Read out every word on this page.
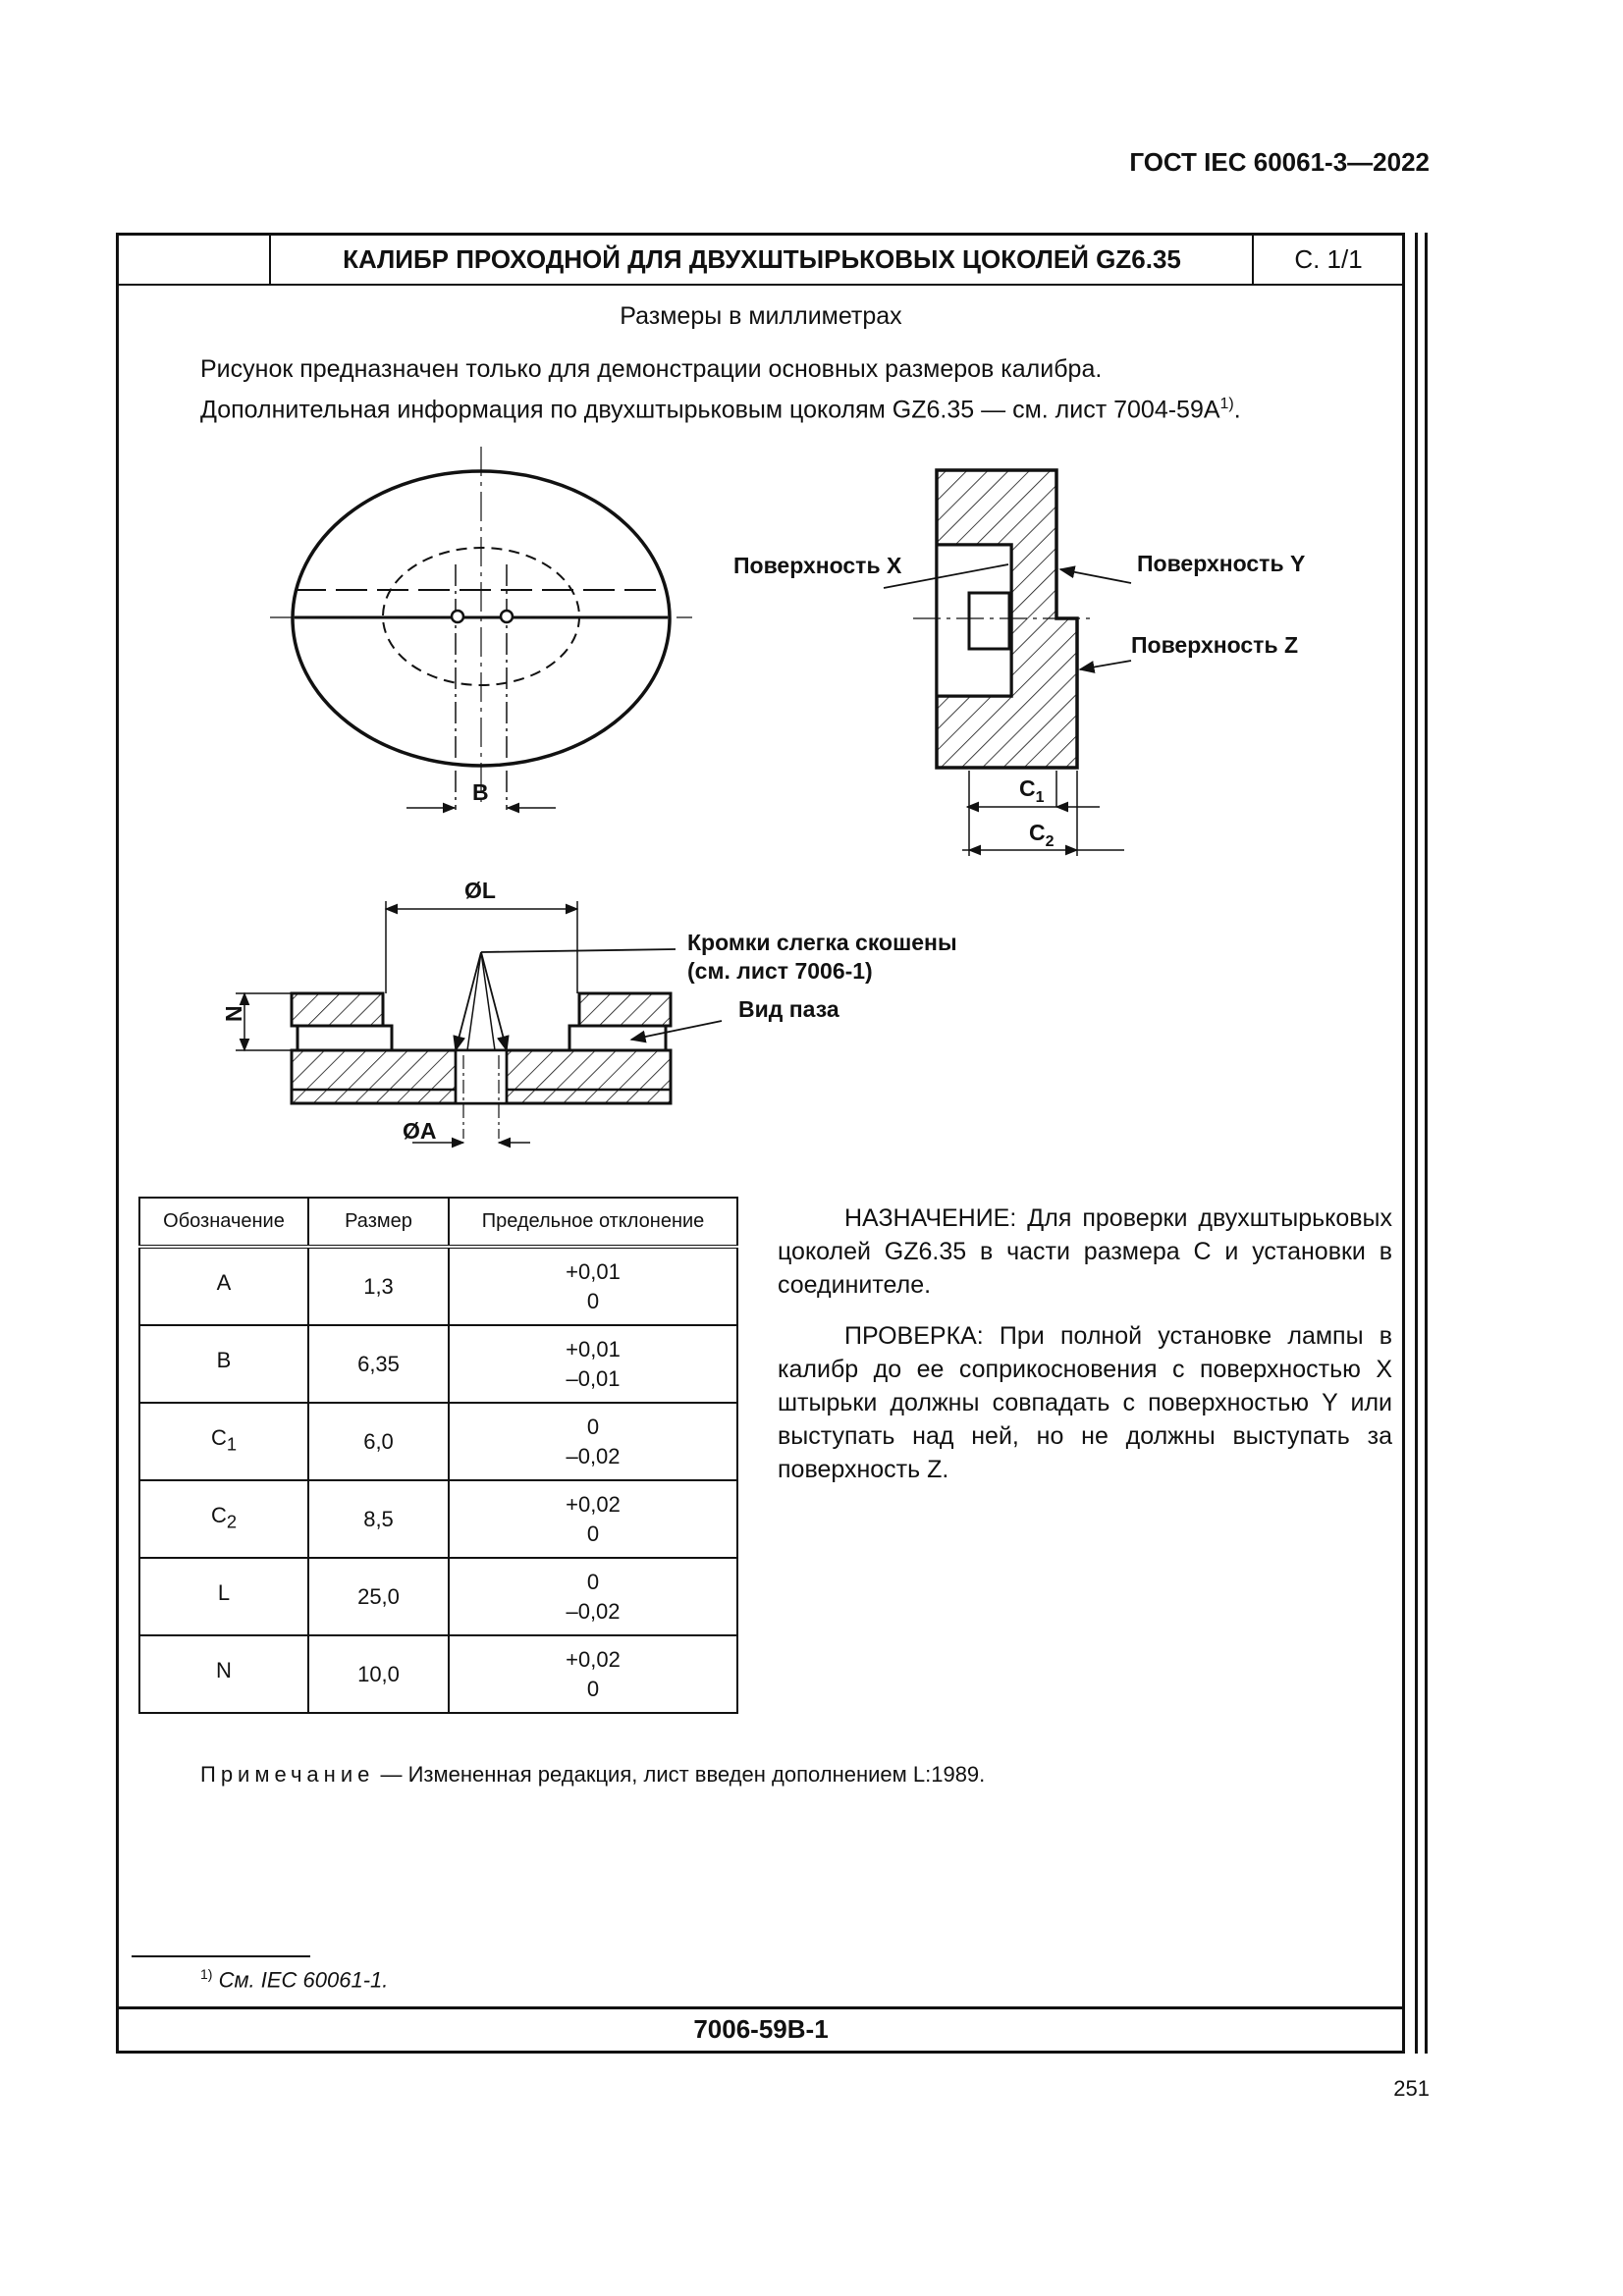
ГОСТ IEC 60061-3—2022
КАЛИБР ПРОХОДНОЙ ДЛЯ ДВУХШТЫРЬКОВЫХ ЦОКОЛЕЙ GZ6.35	С. 1/1
Размеры в миллиметрах
Рисунок предназначен только для демонстрации основных размеров калибра.
Дополнительная информация по двухштырьковым цоколям GZ6.35 — см. лист $7004-59А^{1)}$.
B
Поверхность X	Поверхность Y
Поверхность Z
$C_1$
$C_2$
ØL
N
ØA
Кромки слегка скошены
(см. лист 7006-1)
Вид паза
Обозначение	Размер	Предельное отклонение
A	1,3	+0,01
0

B	6,35	+0,01
–0,01

$C_1$	6,0	0
–0,02

$C_2$	8,5	+0,02
0

L	25,0	0
–0,02

N	10,0	+0,02
0

НАЗНАЧЕНИЕ: Для проверки двухштырьковых цоколей GZ6.35 в части размера С и установки в соединителе.

ПРОВЕРКА: При полной установке лампы в калибр до ее соприкосновения с поверхностью X штырьки должны совпадать с поверхностью Y или выступать над ней, но не должны выступать за поверхность Z.

Примечание — Измененная редакция, лист введен дополнением L:1989.
$^{1)}$ См. IEC 60061-1.
7006-59В-1
251
